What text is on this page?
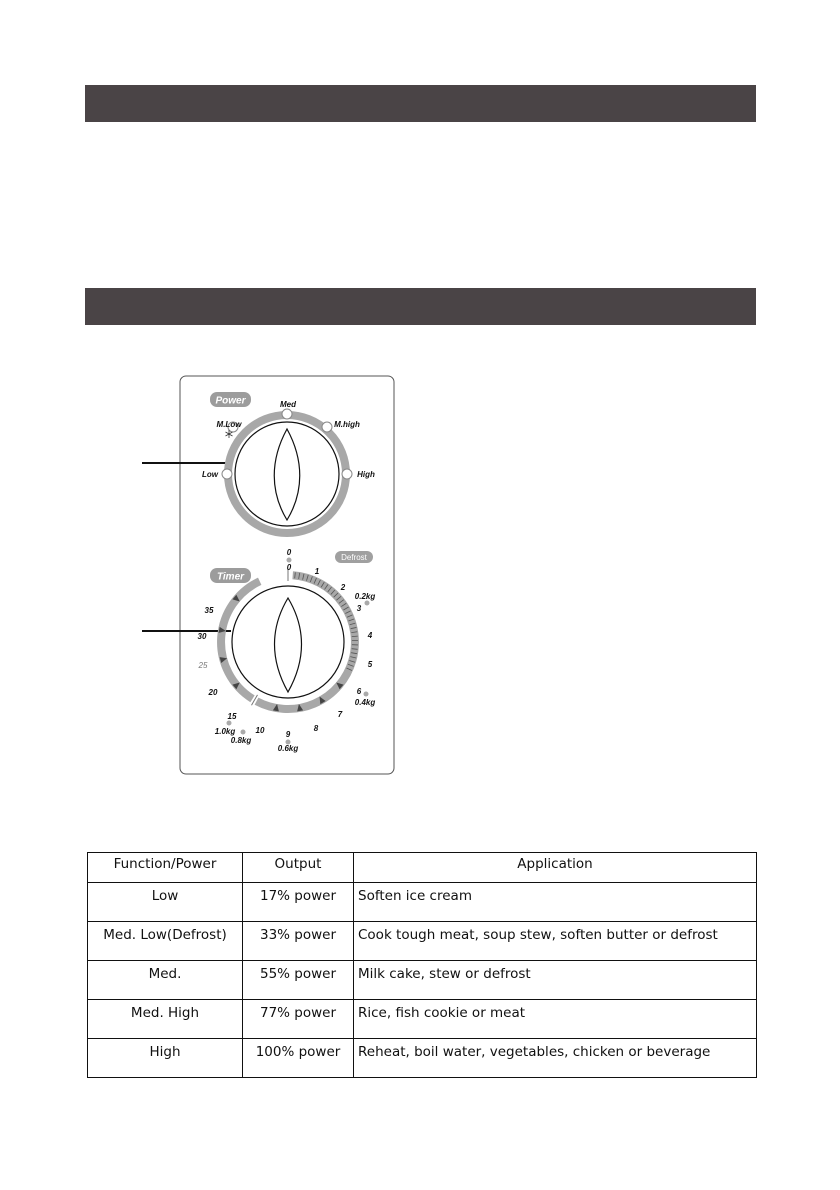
Power
Low
M.Low
Med
M.high
High
Timer
Defrost
0
0	1
2
3
4
5
6
7
8
9
10
15
20
25
30
35
0.2kg
0.4kg
0.6kg
0.8kg
1.0kg
Function/Power	Output	Application
Low	17% power	Soften ice cream
Med. Low(Defrost)	33% power	Cook tough meat, soup stew, soften butter or defrost
Med.	55% power	Milk cake, stew or defrost
Med. High	77% power	Rice, fish cookie or meat
High	100% power	Reheat, boil water, vegetables, chicken or beverage
